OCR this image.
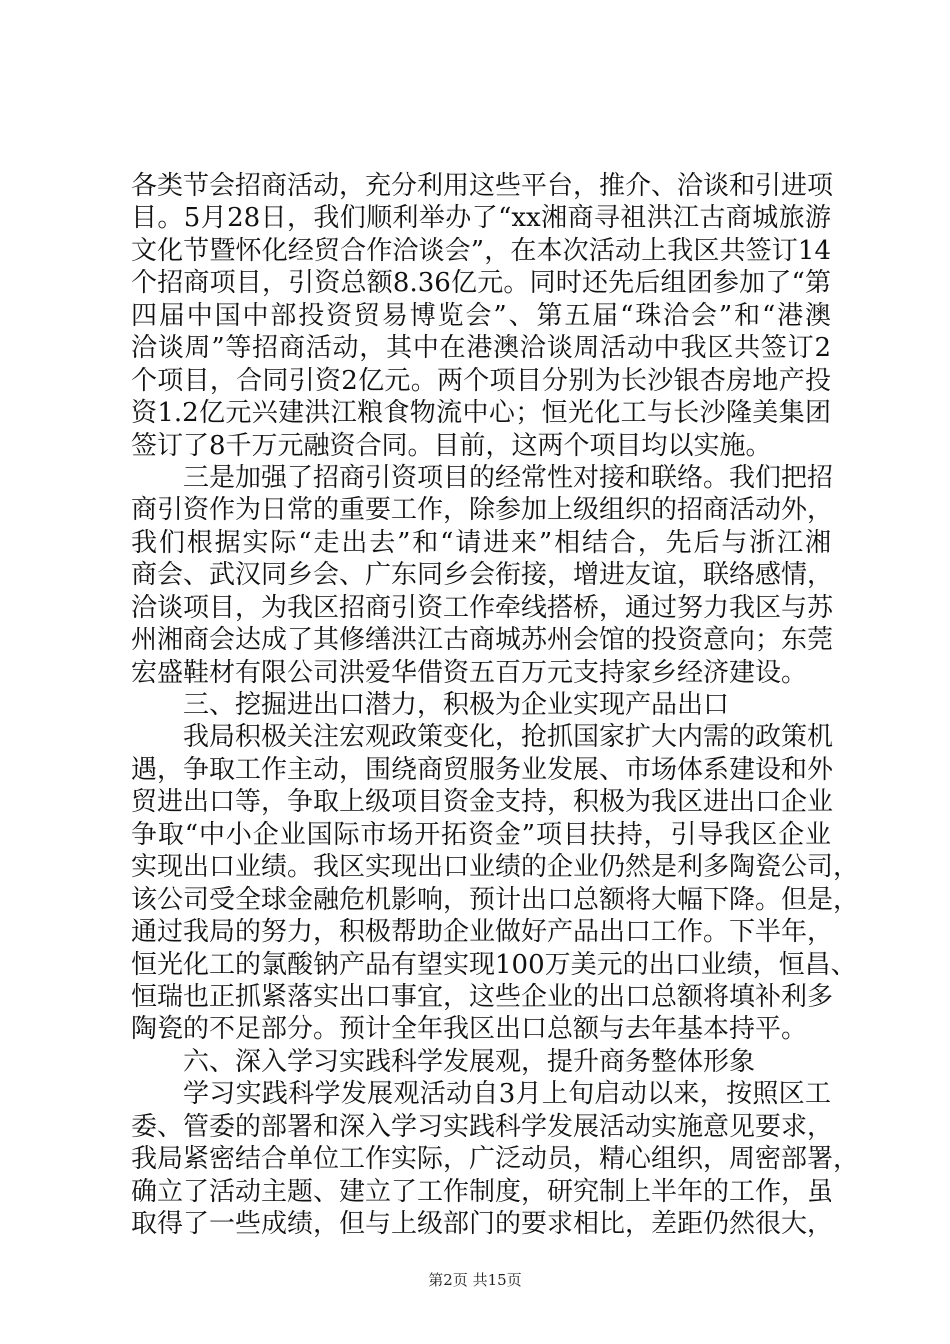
各类节会招商活动，充分利用这些平台，推介、洽谈和引进项
目。5月28日，我们顺利举办了“xx湘商寻祖洪江古商城旅游
文化节暨怀化经贸合作洽谈会”，在本次活动上我区共签订14
个招商项目，引资总额8.36亿元。同时还先后组团参加了“第
四届中国中部投资贸易博览会”、第五届“珠洽会”和“港澳
洽谈周”等招商活动，其中在港澳洽谈周活动中我区共签订2
个项目，合同引资2亿元。两个项目分别为长沙银杏房地产投
资1.2亿元兴建洪江粮食物流中心；恒光化工与长沙隆美集团
签订了8千万元融资合同。目前，这两个项目均以实施。
三是加强了招商引资项目的经常性对接和联络。我们把招
商引资作为日常的重要工作，除参加上级组织的招商活动外，
我们根据实际“走出去”和“请进来”相结合，先后与浙江湘
商会、武汉同乡会、广东同乡会衔接，增进友谊，联络感情，
洽谈项目，为我区招商引资工作牵线搭桥，通过努力我区与苏
州湘商会达成了其修缮洪江古商城苏州会馆的投资意向；东莞
宏盛鞋材有限公司洪爱华借资五百万元支持家乡经济建设。
三、挖掘进出口潜力，积极为企业实现产品出口
我局积极关注宏观政策变化，抢抓国家扩大内需的政策机
遇，争取工作主动，围绕商贸服务业发展、市场体系建设和外
贸进出口等，争取上级项目资金支持，积极为我区进出口企业
争取“中小企业国际市场开拓资金”项目扶持，引导我区企业
实现出口业绩。我区实现出口业绩的企业仍然是利多陶瓷公司，
该公司受全球金融危机影响，预计出口总额将大幅下降。但是，
通过我局的努力，积极帮助企业做好产品出口工作。下半年，
恒光化工的氯酸钠产品有望实现100万美元的出口业绩，恒昌、
恒瑞也正抓紧落实出口事宜，这些企业的出口总额将填补利多
陶瓷的不足部分。预计全年我区出口总额与去年基本持平。
六、深入学习实践科学发展观，提升商务整体形象
学习实践科学发展观活动自3月上旬启动以来，按照区工
委、管委的部署和深入学习实践科学发展活动实施意见要求，
我局紧密结合单位工作实际，广泛动员，精心组织，周密部署，
确立了活动主题、建立了工作制度，研究制上半年的工作，虽
取得了一些成绩，但与上级部门的要求相比，差距仍然很大，
第2页 共15页
